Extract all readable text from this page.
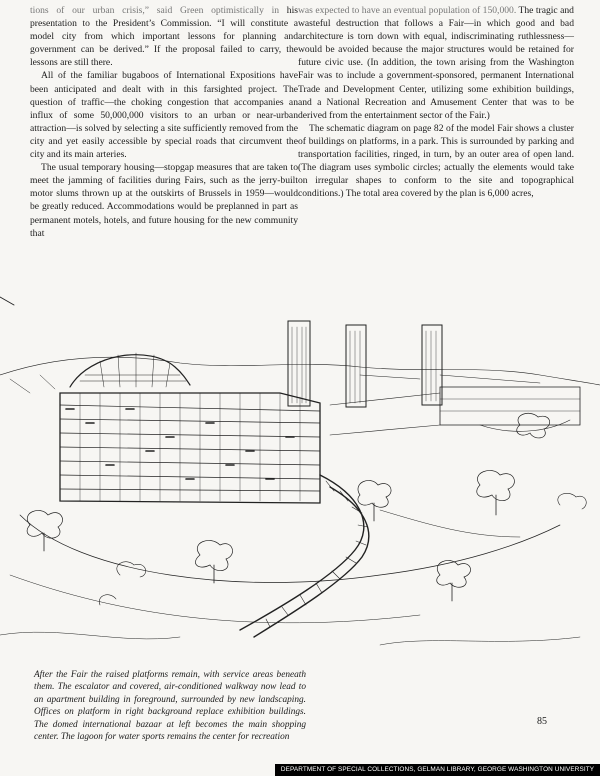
tions of our urban crisis,” said Green optimistically in his presentation to the President’s Commission. “I will constitute a model city from which important lessons for planning and government can be derived.” If the proposal failed to carry, the lessons are still there.

All of the familiar bugaboos of International Expositions have been anticipated and dealt with in this farsighted project. The question of traffic—the choking congestion that accompanies an influx of some 50,000,000 visitors to an urban or near-urban attraction—is solved by selecting a site sufficiently removed from the city and yet easily accessible by special roads that circumvent the city and its main arteries.

The usual temporary housing—stopgap measures that are taken to meet the jamming of facilities during Fairs, such as the jerry-built motor slums thrown up at the outskirts of Brussels in 1959—would be greatly reduced. Accommodations would be preplanned in part as permanent motels, hotels, and future housing for the new community that

was expected to have an eventual population of 150,000. The tragic and wasteful destruction that follows a Fair—in which good and bad architecture is torn down with equal, indiscriminating ruthlessness—would be avoided because the major structures would be retained for future civic use. (In addition, the town arising from the Washington Fair was to include a government-sponsored, permanent International Trade and Development Center, utilizing some exhibition buildings, and a National Recreation and Amusement Center that was to be derived from the entertainment sector of the Fair.)

The schematic diagram on page 82 of the model Fair shows a cluster of buildings on platforms, in a park. This is surrounded by parking and transportation facilities, ringed, in turn, by an outer area of open land. (The diagram uses symbolic circles; actually the elements would take on irregular shapes to conform to the site and topographical conditions.) The total area covered by the plan is 6,000 acres,

After the Fair the raised platforms remain, with service areas beneath them. The escalator and covered, air-conditioned walkway now lead to an apartment building in foreground, surrounded by new landscaping. Offices on platform in right background replace exhibition buildings. The domed international bazaar at left becomes the main shopping center. The lagoon for water sports remains the center for recreation

85
DEPARTMENT OF SPECIAL COLLECTIONS, GELMAN LIBRARY, GEORGE WASHINGTON UNIVERSITY
